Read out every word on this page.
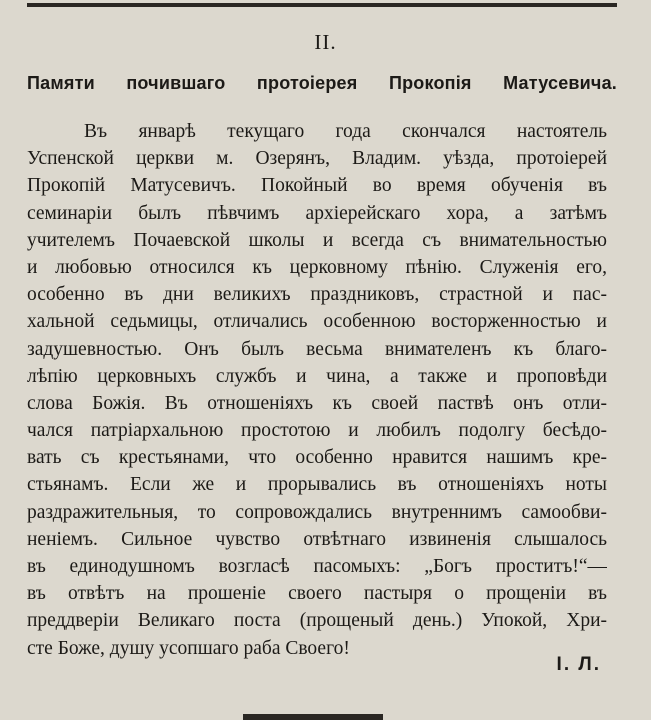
II.
Памяти почившаго протоіерея Прокопія Матусевича.
Въ январѣ текущаго года скончался настоятель
Успенской церкви м. Озерянъ, Владим. уѣзда, протоіерей
Прокопій Матусевичъ. Покойный во время обученія въ
семинаріи былъ пѣвчимъ архіерейскаго хора, а затѣмъ
учителемъ Почаевской школы и всегда съ внимательностью
и любовью относился къ церковному пѣнію. Служенія его,
особенно въ дни великихъ праздниковъ, страстной и пас-
хальной седьмицы, отличались особенною восторженностью и
задушевностью. Онъ былъ весьма внимателенъ къ благо-
лѣпію церковныхъ службъ и чина, а также и проповѣди
слова Божія. Въ отношеніяхъ къ своей паствѣ онъ отли-
чался патріархальною простотою и любилъ подолгу бесѣдо-
вать съ крестьянами, что особенно нравится нашимъ кре-
стьянамъ. Если же и прорывались въ отношеніяхъ ноты
раздражительныя, то сопровождались внутреннимъ самообви-
неніемъ. Сильное чувство отвѣтнаго извиненія слышалось
въ единодушномъ возгласѣ пасомыхъ: „Богъ проститъ!“—
въ отвѣтъ на прошеніе своего пастыря о прощеніи въ
преддверіи Великаго поста (прощеный день.) Упокой, Хри-
сте Боже, душу усопшаго раба Своего!
І. Л.
